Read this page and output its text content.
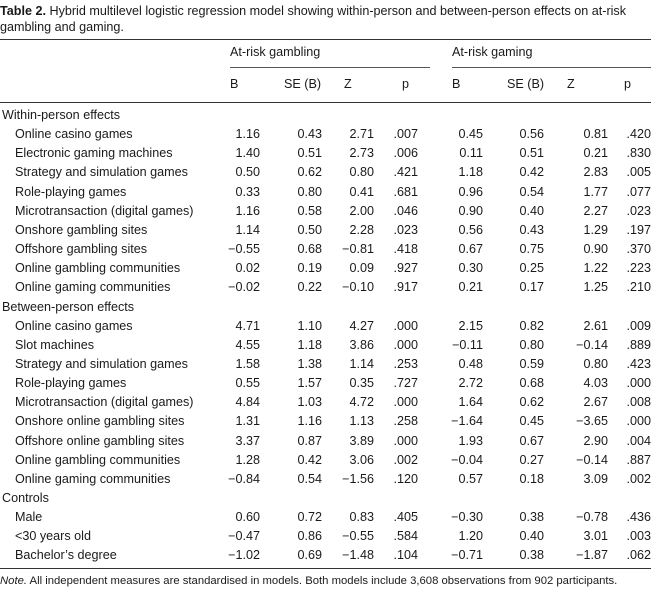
Table 2. Hybrid multilevel logistic regression model showing within-person and between-person effects on at-risk gambling and gaming.

At-risk gambling	At-risk gaming
B	SE (B) Z	p	B	SE (B) Z	p
Within-person effects
Online casino games	1.16	0.43 2.71 .007	0.45	0.56	0.81 .420
Electronic gaming machines	1.40	0.51 2.73 .006	0.11	0.51	0.21 .830
Strategy and simulation games	0.50	0.62 0.80 .421	1.18	0.42	2.83 .005
Role-playing games	0.33	0.80 0.41 .681	0.96	0.54	1.77 .077
Microtransaction (digital games)	1.16	0.58 2.00 .046	0.90	0.40	2.27 .023
Onshore gambling sites	1.14	0.50 2.28 .023	0.56	0.43	1.29 .197
Offshore gambling sites	−0.55	0.68 −0.81 .418	0.67	0.75	0.90 .370
Online gambling communities	0.02	0.19 0.09 .927	0.30	0.25	1.22 .223
Online gaming communities	−0.02	0.22 −0.10 .917	0.21	0.17	1.25 .210
Between-person effects
Online casino games	4.71	1.10 4.27 .000	2.15	0.82	2.61 .009
Slot machines	4.55	1.18 3.86 .000	−0.11	0.80	−0.14 .889
Strategy and simulation games	1.58	1.38 1.14 .253	0.48	0.59	0.80 .423
Role-playing games	0.55	1.57 0.35 .727	2.72	0.68	4.03 .000
Microtransaction (digital games)	4.84	1.03 4.72 .000	1.64	0.62	2.67 .008
Onshore online gambling sites	1.31	1.16 1.13 .258	−1.64	0.45	−3.65 .000
Offshore online gambling sites	3.37	0.87 3.89 .000	1.93	0.67	2.90 .004
Online gambling communities	1.28	0.42 3.06 .002	−0.04	0.27	−0.14 .887
Online gaming communities	−0.84	0.54 −1.56 .120	0.57	0.18	3.09 .002
Controls
Male	0.60	0.72 0.83 .405	−0.30	0.38	−0.78 .436
<30 years old	−0.47	0.86 −0.55 .584	1.20	0.40	3.01 .003
Bachelor’s degree	−1.02	0.69 −1.48 .104	−0.71	0.38	−1.87 .062
Note. All independent measures are standardised in models. Both models include 3,608 observations from 902 participants.
